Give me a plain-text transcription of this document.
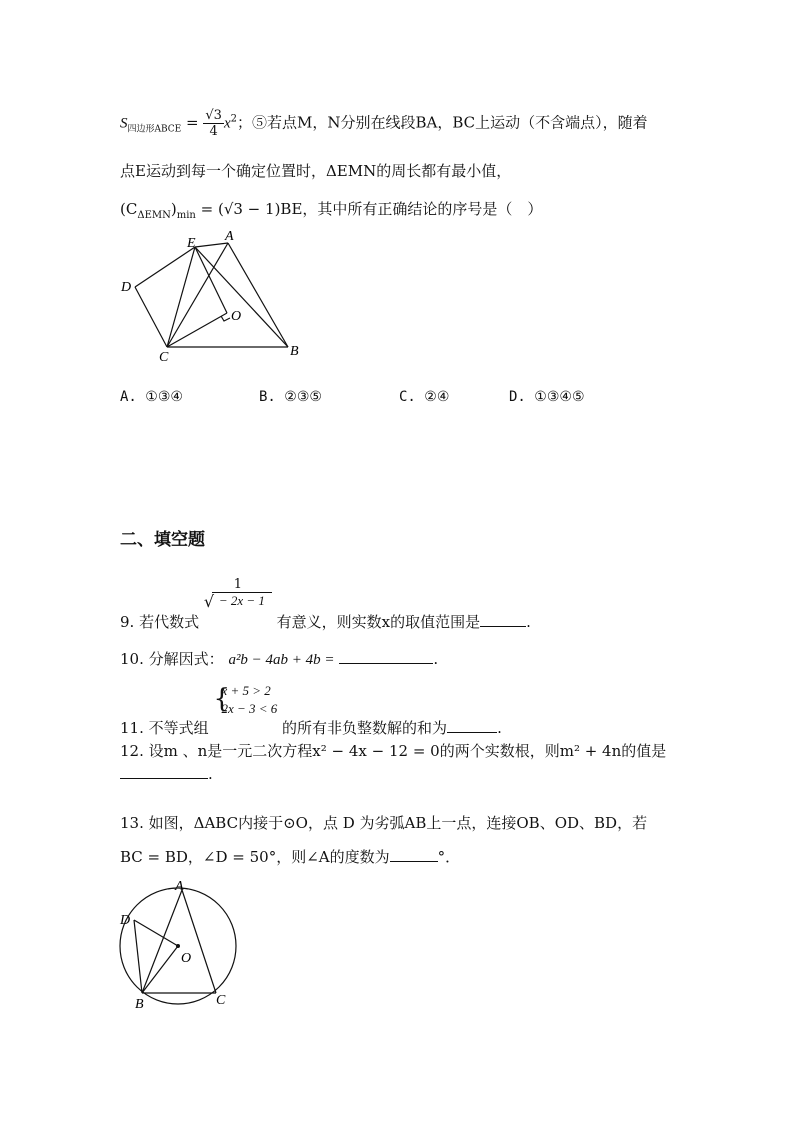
$S_{四边形ABCE} = \frac{√3}{4} x^2$；⑤若点M，N分别在线段BA，BC上运动（不含端点），随着
点E运动到每一个确定位置时，ΔEMN的周长都有最小值，
$(C_{\Delta EMN})_{min} = (√3 - 1)BE$，其中所有正确结论的序号是（　）
E A
D
O
C	B
A. ①③④	B. ②③⑤	C. ②④	D. ①③④⑤
二、填空题
9. 若代数式
1
− 2x − 1
√
有意义，则实数x的取值范围是	.
10. 分解因式： a²b − 4ab + 4b =	.
11. 不等式组
{
x + 5 > 2
2x − 3 < 6
的所有非负整数解的和为	.
12. 设m 、n是一元二次方程x² − 4x − 12 = 0的两个实数根，则m² + 4n的值是
.
13. 如图，ΔABC内接于⊙O，点 D 为劣弧AB上一点，连接OB、OD、BD，若
BC = BD，∠D = 50°，则∠A的度数为	°．
A
D
O
B	C
